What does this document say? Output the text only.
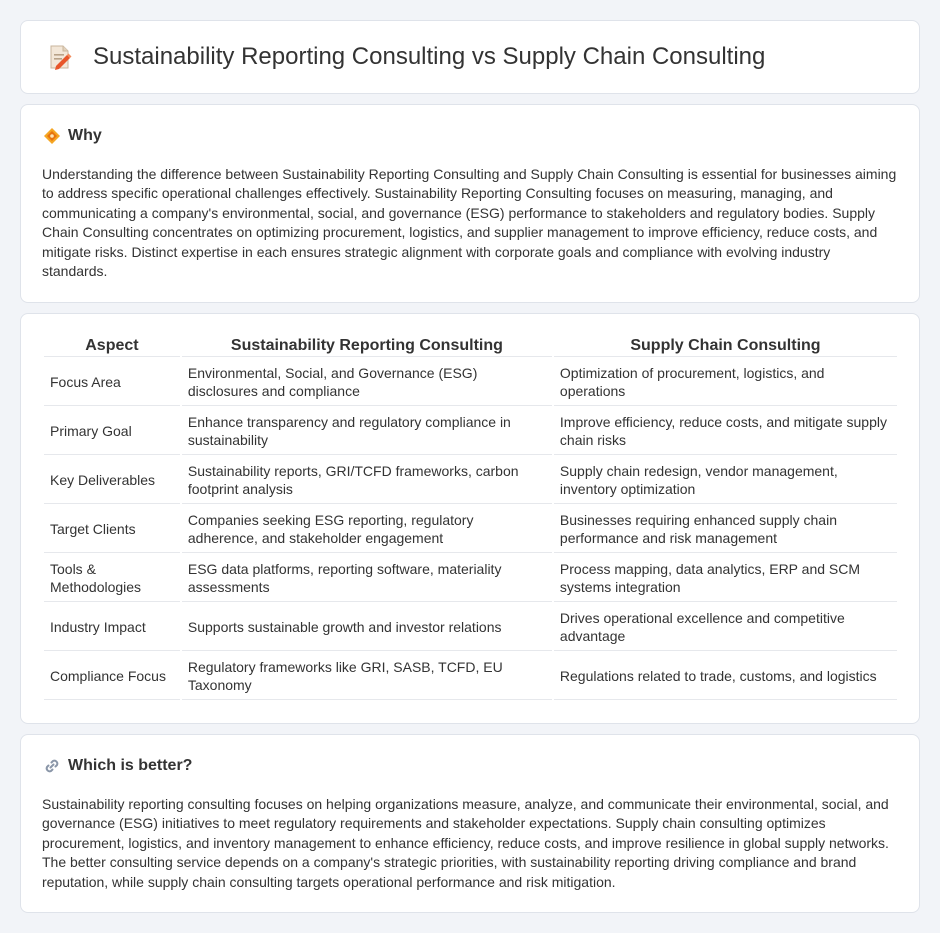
Sustainability Reporting Consulting vs Supply Chain Consulting
Why

Understanding the difference between Sustainability Reporting Consulting and Supply Chain Consulting is essential for businesses aiming to address specific operational challenges effectively. Sustainability Reporting Consulting focuses on measuring, managing, and communicating a company's environmental, social, and governance (ESG) performance to stakeholders and regulatory bodies. Supply Chain Consulting concentrates on optimizing procurement, logistics, and supplier management to improve efficiency, reduce costs, and mitigate risks. Distinct expertise in each ensures strategic alignment with corporate goals and compliance with evolving industry standards.

Aspect	Sustainability Reporting Consulting	Supply Chain Consulting
Focus Area	Environmental, Social, and Governance (ESG) disclosures and compliance	Optimization of procurement, logistics, and operations
Primary Goal	Enhance transparency and regulatory compliance in sustainability	Improve efficiency, reduce costs, and mitigate supply chain risks
Key Deliverables	Sustainability reports, GRI/TCFD frameworks, carbon footprint analysis	Supply chain redesign, vendor management, inventory optimization
Target Clients	Companies seeking ESG reporting, regulatory adherence, and stakeholder engagement	Businesses requiring enhanced supply chain performance and risk management
Tools & Methodologies	ESG data platforms, reporting software, materiality assessments	Process mapping, data analytics, ERP and SCM systems integration
Industry Impact	Supports sustainable growth and investor relations	Drives operational excellence and competitive advantage
Compliance Focus	Regulatory frameworks like GRI, SASB, TCFD, EU Taxonomy	Regulations related to trade, customs, and logistics
Which is better?

Sustainability reporting consulting focuses on helping organizations measure, analyze, and communicate their environmental, social, and governance (ESG) initiatives to meet regulatory requirements and stakeholder expectations. Supply chain consulting optimizes procurement, logistics, and inventory management to enhance efficiency, reduce costs, and improve resilience in global supply networks. The better consulting service depends on a company's strategic priorities, with sustainability reporting driving compliance and brand reputation, while supply chain consulting targets operational performance and risk mitigation.
